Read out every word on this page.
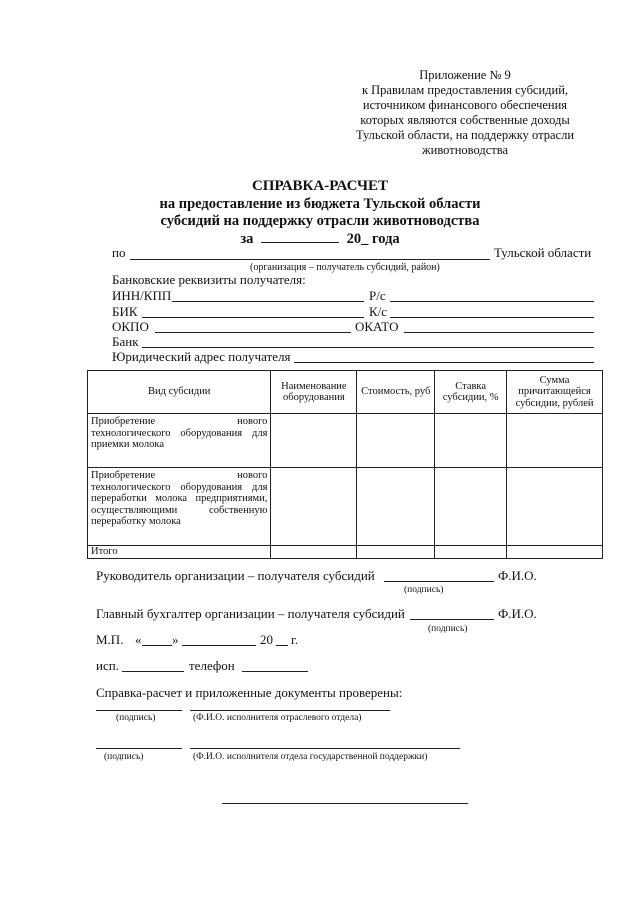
Приложение № 9
к Правилам предоставления субсидий,
источником финансового обеспечения
которых являются собственные доходы
Тульской области, на поддержку отрасли
животноводства
СПРАВКА-РАСЧЕТ
на предоставление из бюджета Тульской области
субсидий на поддержку отрасли животноводства
за	20_ года
по	Тульской области
(организация – получатель субсидий, район)
Банковские реквизиты получателя:
ИНН/КПП	Р/с
БИК	К/с
ОКПО	ОКАТО
Банк
Юридический адрес получателя
Вид субсидии	Наименование оборудования	Стоимость, руб	Ставка субсидии, %	Сумма причитающейся субсидии, рублей
Приобретение нового технологического оборудования для приемки молока				
Приобретение нового технологического оборудования для переработки молока предприятиями, осуществляющими собственную переработку молока				
Итого				
Руководитель организации – получателя субсидий	Ф.И.О.
(подпись)
Главный бухгалтер организации – получателя субсидий	Ф.И.О.
(подпись)
М.П. « »	20 г.
исп.	телефон
Справка-расчет и приложенные документы проверены:
(подпись)	(Ф.И.О. исполнителя отраслевого отдела)
(подпись)	(Ф.И.О. исполнителя отдела государственной поддержки)
